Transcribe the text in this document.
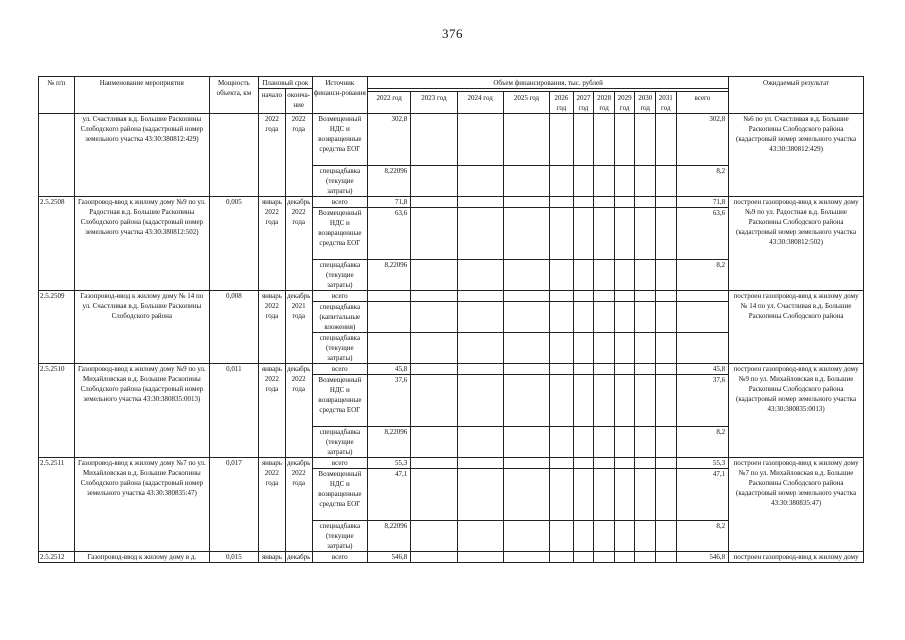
376
№ п/п	Наименование мероприятия	Мощность объекта, км	Плановый срок		Источник финанси-рования	Объем финансирования, тыс. рублей											Ожидаемый результат
			начало	оконча-ние													
						2022 год	2023 год	2024 год	2025 год	2026 год	2027 год	2028 год	2029 год	2030 год	2031 год	всего	
	ул. Счастливая в.д. Большие Раскопины Слободского района (кадастровый номер земельного участка 43:30:380812:429)		2022 года	2022 года	Возмещенный НДС и возвращенные средства ЕОГ	302,8										302,8	№6 по ул. Счастливая в.д. Большие Раскопины Слободского района (кадастровый номер земельного участка 43:30:380812:429)
					спецнадбавка (текущие затраты)	8,22096										8,2	
2.5.2508	Газопровод-ввод к жилому дому №9 по ул. Радостная в.д. Большие Раскопины Слободского района (кадастровый номер земельного участка 43:30:380812:502)	0,005	январь 2022 года	декабрь 2022 года	всего	71,8										71,8	построен газопровод-ввод к жилому дому №9 по ул. Радостная в.д. Большие Раскопины Слободского района (кадастровый номер земельного участка 43:30:380812:502)
					Возмещенный НДС и возвращенные средства ЕОГ	63,6										63,6	
					спецнадбавка (текущие затраты)	8,22096										8,2	
2.5.2509	Газопровод-ввод к жилому дому № 14 по ул. Счастливая в.д. Большие Раскопины Слободского района	0,008	январь 2022 года	декабрь 2021 года	всего												построен газопровод-ввод к жилому дому № 14 по ул. Счастливая в.д. Большие Раскопины Слободского района
					спецнадбавка (капитальные вложения)												
					спецнадбавка (текущие затраты)												
2.5.2510	Газопровод-ввод к жилому дому №9 по ул. Михайловская в.д. Большие Раскопины Слободского района (кадастровый номер земельного участка 43:30:380835:0013)	0,011	январь 2022 года	декабрь 2022 года	всего	45,8										45,8	построен газопровод-ввод к жилому дому №9 по ул. Михайловская в.д. Большие Раскопины Слободского района (кадастровый номер земельного участка 43:30:380835:0013)
					Возмещенный НДС и возвращенные средства ЕОГ	37,6										37,6	
					спецнадбавка (текущие затраты)	8,22096										8,2	
2.5.2511	Газопровод-ввод к жилому дому №7 по ул. Михайловская в.д. Большие Раскопины Слободского района (кадастровый номер земельного участка 43:30:380835:47)	0,017	январь 2022 года	декабрь 2022 года	всего	55,3										55,3	построен газопровод-ввод к жилому дому №7 по ул. Михайловская в.д. Большие Раскопины Слободского района (кадастровый номер земельного участка 43:30:380835:47)
					Возмещенный НДС и возвращенные средства ЕОГ	47,1										47,1	
					спецнадбавка (текущие затраты)	8,22096										8,2	
2.5.2512	Газопровод-ввод к жилому дому в д.	0,015	январь	декабрь	всего	546,8										546,8	построен газопровод-ввод к жилому дому
